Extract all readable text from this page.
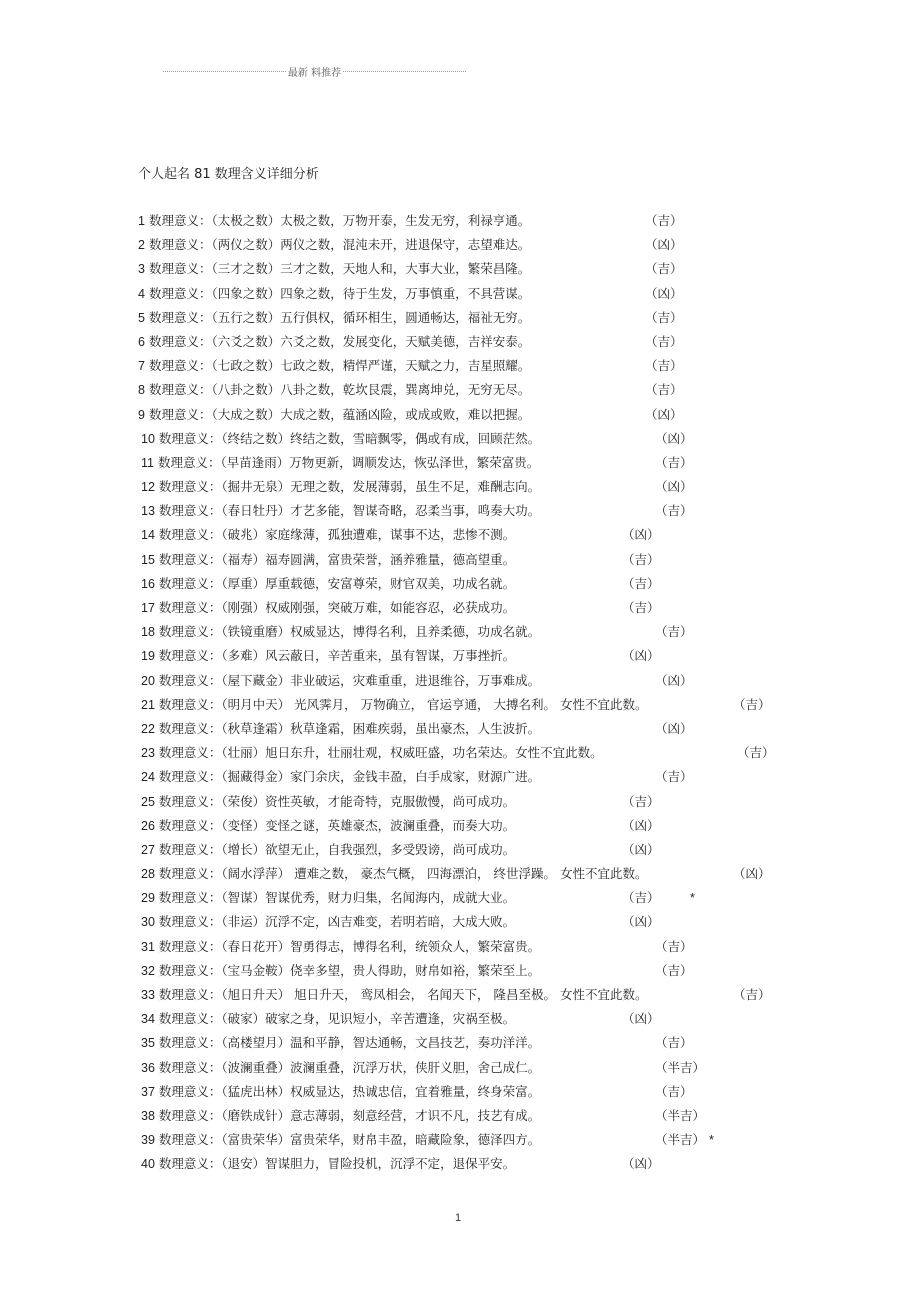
最新 料推荐
个人起名 81 数理含义详细分析
1 数理意义：（太极之数）太极之数，万物开泰，生发无穷，利禄亨通。	（吉）
2 数理意义：（两仪之数）两仪之数，混沌未开，进退保守，志望难达。	（凶）
3 数理意义：（三才之数）三才之数，天地人和，大事大业，繁荣昌隆。	（吉）
4 数理意义：（四象之数）四象之数，待于生发，万事慎重，不具营谋。	（凶）
5 数理意义：（五行之数）五行俱权，循环相生，圆通畅达，福祉无穷。	（吉）
6 数理意义：（六爻之数）六爻之数，发展变化，天赋美德，吉祥安泰。	（吉）
7 数理意义：（七政之数）七政之数，精悍严谨，天赋之力，吉星照耀。	（吉）
8 数理意义：（八卦之数）八卦之数，乾坎艮震，巽离坤兑，无穷无尽。	（吉）
9 数理意义：（大成之数）大成之数，蕴涵凶险，或成或败，难以把握。	（凶）
10 数理意义：（终结之数）终结之数，雪暗飘零，偶或有成，回顾茫然。	（凶）
11 数理意义：（早苗逢雨）万物更新，调顺发达，恢弘泽世，繁荣富贵。	（吉）
12 数理意义：（掘井无泉）无理之数，发展薄弱，虽生不足，难酬志向。	（凶）
13 数理意义：（春日牡丹）才艺多能，智谋奇略，忍柔当事，鸣奏大功。	（吉）
14 数理意义：（破兆）家庭缘薄，孤独遭难，谋事不达，悲惨不测。	（凶）
15 数理意义：（福寿）福寿圆满，富贵荣誉，涵养雅量，德高望重。	（吉）
16 数理意义：（厚重）厚重载德，安富尊荣，财官双美，功成名就。	（吉）
17 数理意义：（刚强）权威刚强，突破万难，如能容忍，必获成功。	（吉）
18 数理意义：（铁镜重磨）权威显达，博得名利，且养柔德，功成名就。	（吉）
19 数理意义：（多难）风云蔽日，辛苦重来，虽有智谋，万事挫折。	（凶）
20 数理意义：（屋下藏金）非业破运，灾难重重，进退维谷，万事难成。	（凶）
21 数理意义：（明月中天） 光风霁月， 万物确立， 官运亨通， 大搏名利。 女性不宜此数。	（吉）
22 数理意义：（秋草逢霜）秋草逢霜，困难疾弱，虽出豪杰，人生波折。	（凶）
23 数理意义：（壮丽）旭日东升，壮丽壮观，权威旺盛，功名荣达。女性不宜此数。	（吉）
24 数理意义：（掘藏得金）家门余庆，金钱丰盈，白手成家，财源广进。	（吉）
25 数理意义：（荣俊）资性英敏，才能奇特，克服傲慢，尚可成功。	（吉）
26 数理意义：（变怪）变怪之谜，英雄豪杰，波澜重叠，而奏大功。	（凶）
27 数理意义：（增长）欲望无止，自我强烈，多受毁谤，尚可成功。	（凶）
28 数理意义：（阔水浮萍） 遭难之数， 豪杰气概， 四海漂泊， 终世浮躁。 女性不宜此数。	（凶）
29 数理意义：（智谋）智谋优秀，财力归集，名闻海内，成就大业。	（吉） *
30 数理意义：（非运）沉浮不定，凶吉难变，若明若暗，大成大败。	（凶）
31 数理意义：（春日花开）智勇得志，博得名利，统领众人，繁荣富贵。	（吉）
32 数理意义：（宝马金鞍）侥幸多望，贵人得助，财帛如裕，繁荣至上。	（吉）
33 数理意义：（旭日升天） 旭日升天， 鸾凤相会， 名闻天下， 隆昌至极。 女性不宜此数。	（吉）
34 数理意义：（破家）破家之身，见识短小，辛苦遭逢，灾祸至极。	（凶）
35 数理意义：（高楼望月）温和平静，智达通畅，文昌技艺，奏功洋洋。	（吉）
36 数理意义：（波澜重叠）波澜重叠，沉浮万状，侠肝义胆，舍己成仁。	（半吉）
37 数理意义：（猛虎出林）权威显达，热诚忠信，宜着雅量，终身荣富。	（吉）
38 数理意义：（磨铁成针）意志薄弱，刻意经营，才识不凡，技艺有成。	（半吉）
39 数理意义：（富贵荣华）富贵荣华，财帛丰盈，暗藏险象，德泽四方。	（半吉） *
40 数理意义：（退安）智谋胆力，冒险投机，沉浮不定，退保平安。	（凶）
1
